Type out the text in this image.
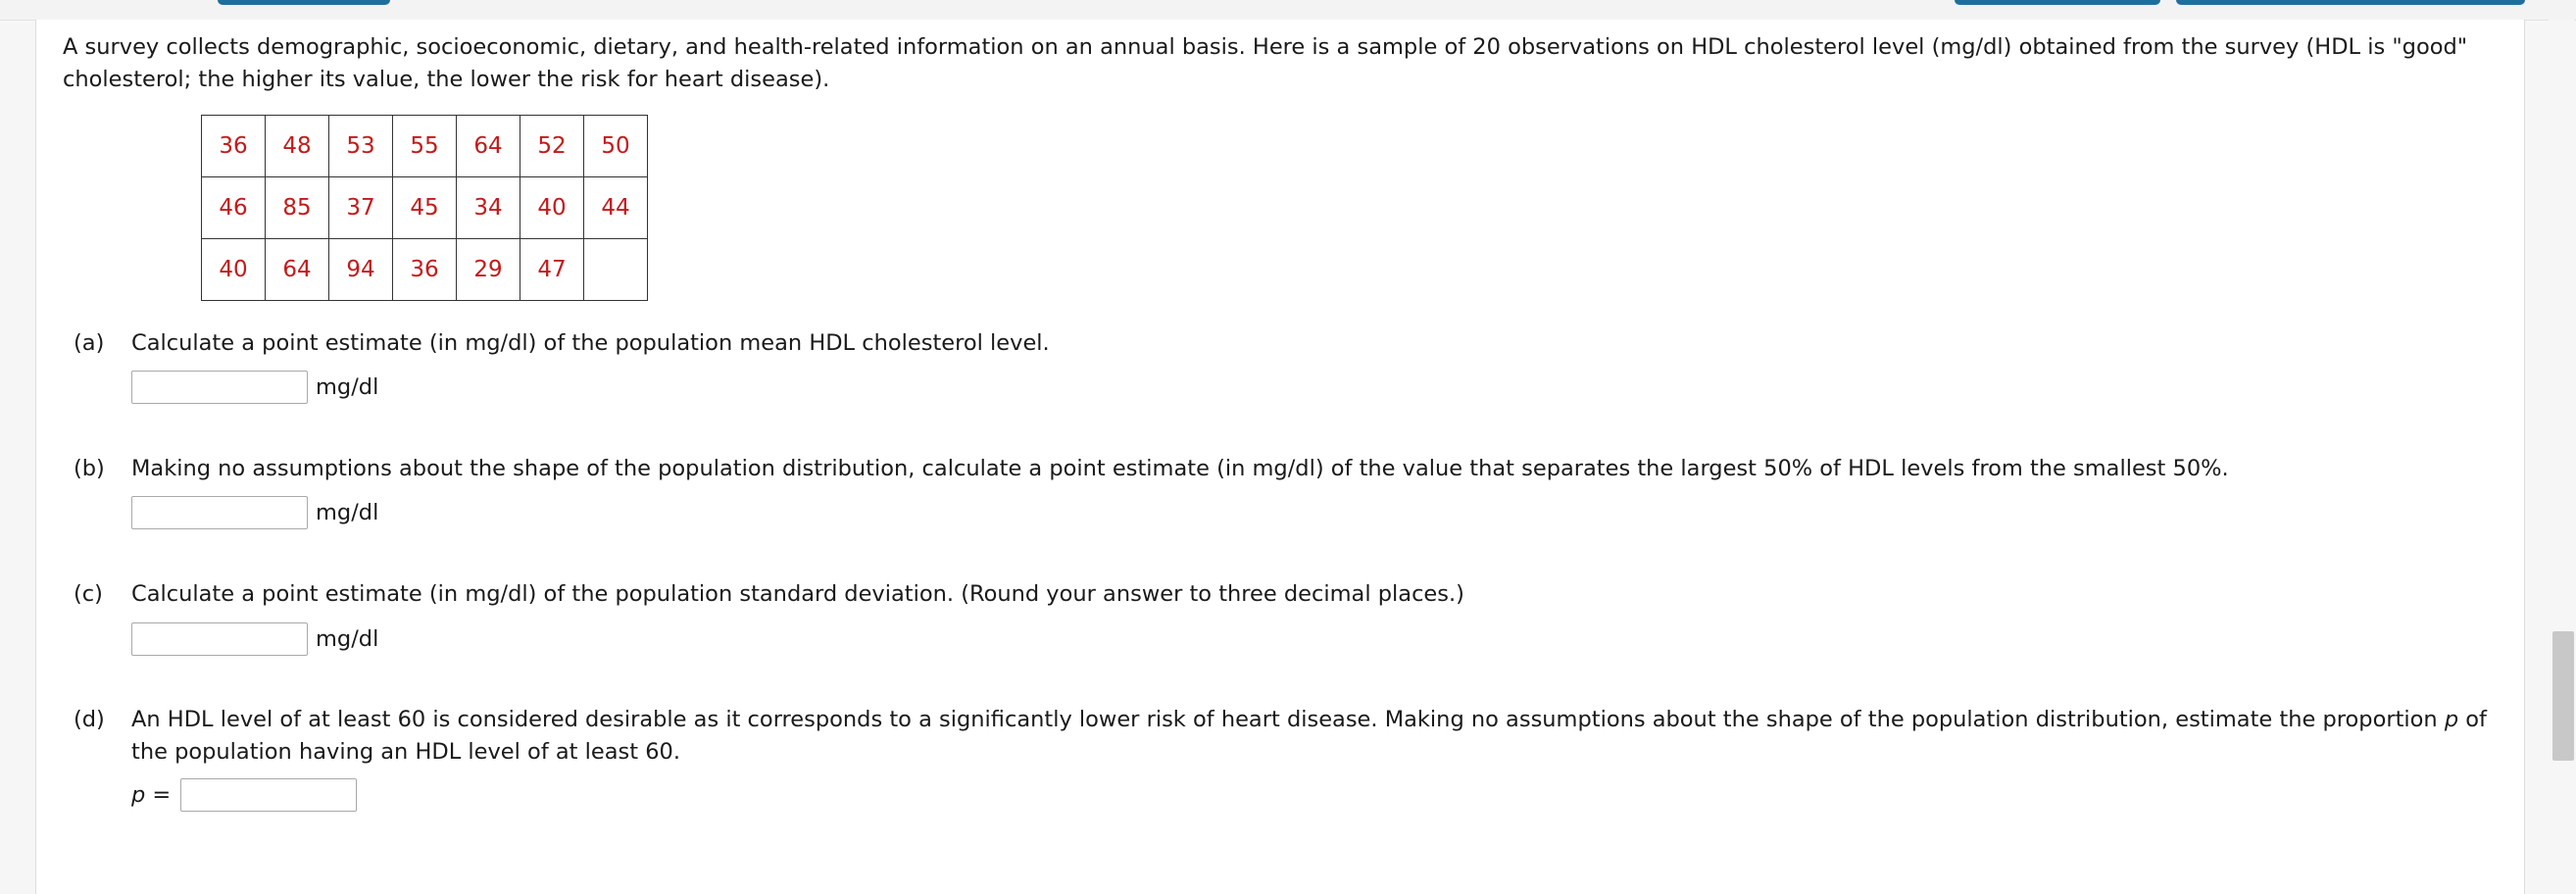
A survey collects demographic, socioeconomic, dietary, and health-related information on an annual basis. Here is a sample of 20 observations on HDL cholesterol level (mg/dl) obtained from the survey (HDL is "good" cholesterol; the higher its value, the lower the risk for heart disease).

36	48	53	55	64	52	50
46	85	37	45	34	40	44
40	64	94	36	29	47	
(a) Calculate a point estimate (in mg/dl) of the population mean HDL cholesterol level.
mg/dl
(b) Making no assumptions about the shape of the population distribution, calculate a point estimate (in mg/dl) of the value that separates the largest 50% of HDL levels from the smallest 50%.
mg/dl
(c) Calculate a point estimate (in mg/dl) of the population standard deviation. (Round your answer to three decimal places.)
mg/dl
(d) An HDL level of at least 60 is considered desirable as it corresponds to a significantly lower risk of heart disease. Making no assumptions about the shape of the population distribution, estimate the proportion p of the population having an HDL level of at least 60.
p =
